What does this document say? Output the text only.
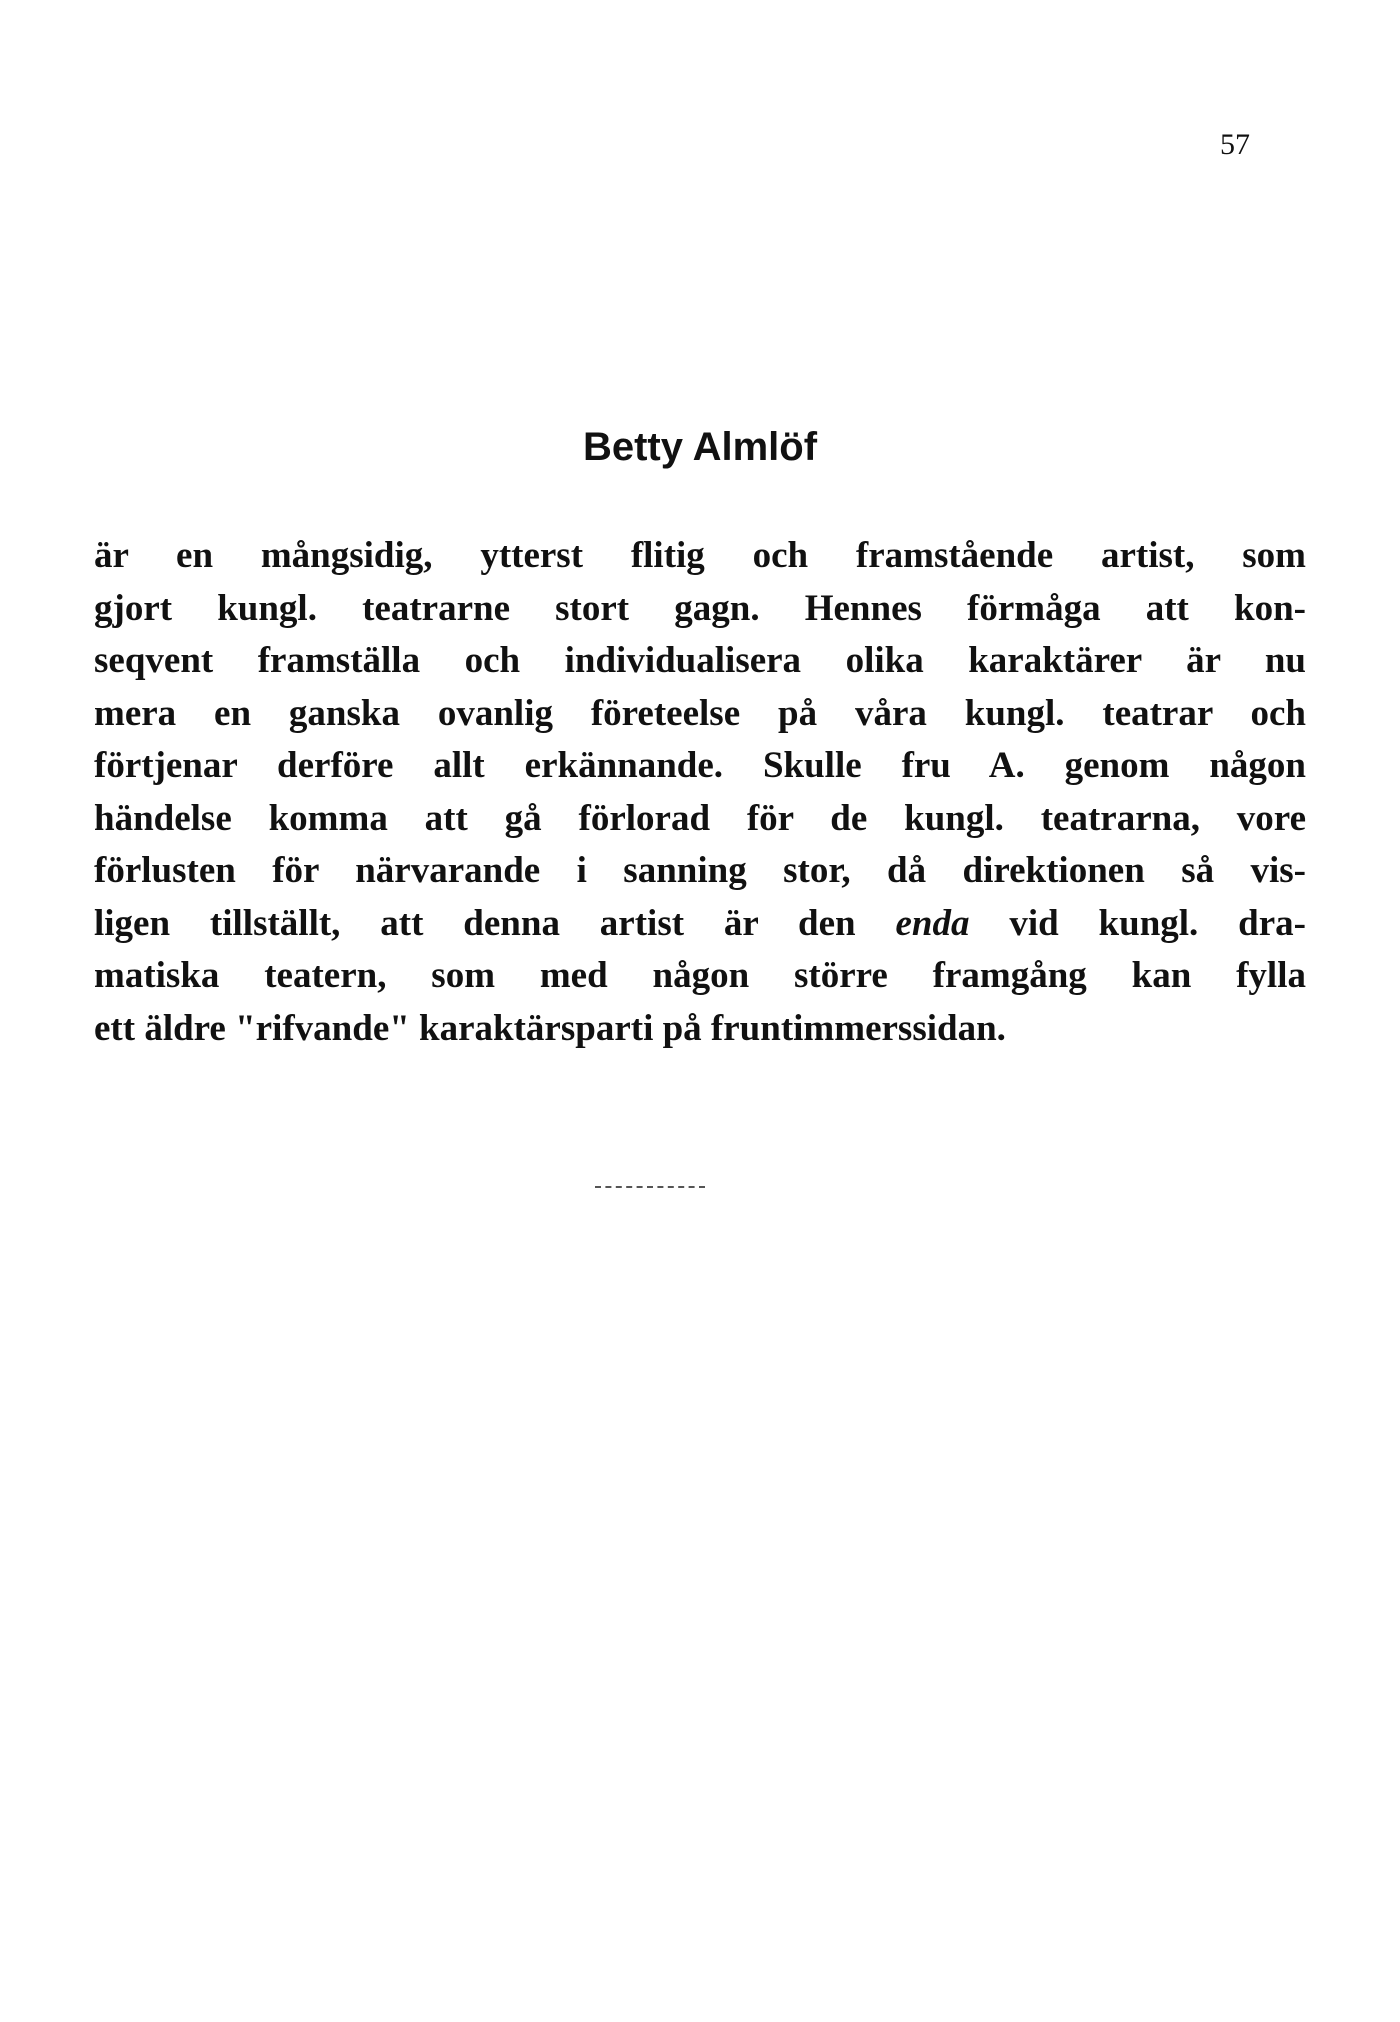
57
Betty Almlöf
är en mångsidig, ytterst flitig och framstående artist, som
gjort kungl. teatrarne stort gagn. Hennes förmåga att kon-
seqvent framställa och individualisera olika karaktärer är nu
mera en ganska ovanlig företeelse på våra kungl. teatrar och
förtjenar derföre allt erkännande. Skulle fru A. genom någon
händelse komma att gå förlorad för de kungl. teatrarna, vore
förlusten för närvarande i sanning stor, då direktionen så vis-
ligen tillställt, att denna artist är den enda vid kungl. dra-
matiska teatern, som med någon större framgång kan fylla
ett äldre "rifvande" karaktärsparti på fruntimmerssidan.
